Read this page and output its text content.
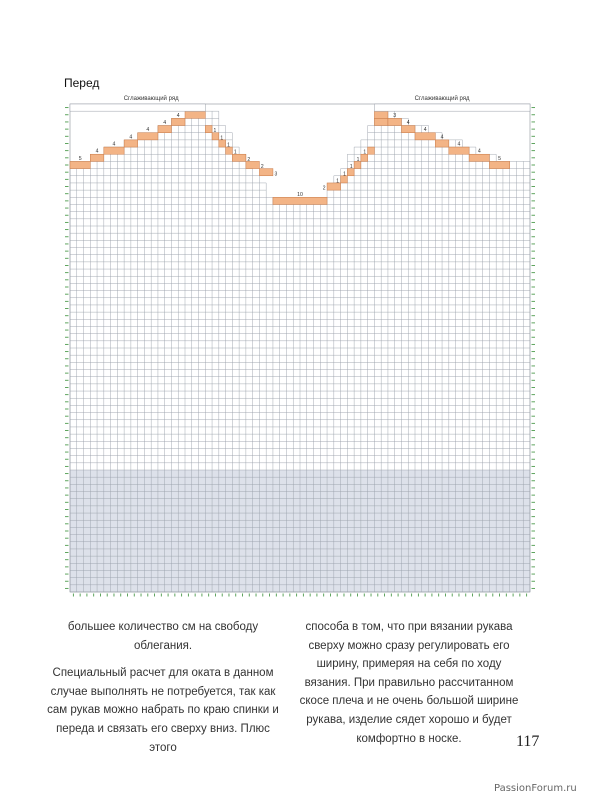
Перед
5
4
4
4
4
4
4
1
1
1
1
2
2
3
10
2
1
1
1
1
1
3
4
4
4
4
4
5
Сглаживающий ряд	Сглаживающий ряд

большее количество см на свободу облегания.

Специальный расчет для оката в данном случае выполнять не потребуется, так как сам рукав можно набрать по краю спинки и переда и связать его сверху вниз. Плюс этого

способа в том, что при вязании рукава сверху можно сразу регулировать его ширину, примеряя на себя по ходу вязания. При правильно рассчитанном скосе плеча и не очень большой ширине рукава, изделие сядет хорошо и будет комфортно в носке.	117
PassionForum.ru
